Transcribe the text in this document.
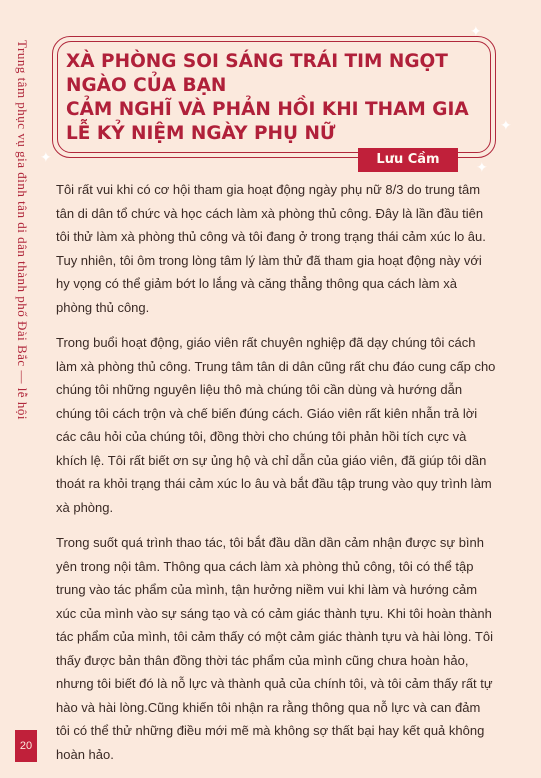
Trung tâm phục vụ gia đình tân di dân thành phố Đài Bắc — lễ hội
20
XÀ PHÒNG SOI SÁNG TRÁI TIM NGỌT
NGÀO CỦA BẠN
CẢM NGHĨ VÀ PHẢN HỒI KHI THAM GIA
LỄ KỶ NIỆM NGÀY PHỤ NỮ
Lưu Cầm
✦
✦
✦
✦

Tôi rất vui khi có cơ hội tham gia hoạt động ngày phụ nữ 8/3 do trung tâm tân di dân tổ chức và học cách làm xà phòng thủ công. Đây là lần đầu tiên tôi thử làm xà phòng thủ công và tôi đang ở trong trạng thái cảm xúc lo âu. Tuy nhiên, tôi ôm trong lòng tâm lý làm thử đã tham gia hoạt động này với hy vọng có thể giảm bớt lo lắng và căng thẳng thông qua cách làm xà phòng thủ công.

Trong buổi hoạt động, giáo viên rất chuyên nghiệp đã dạy chúng tôi cách làm xà phòng thủ công. Trung tâm tân di dân cũng rất chu đáo cung cấp cho chúng tôi những nguyên liệu thô mà chúng tôi cần dùng và hướng dẫn chúng tôi cách trộn và chế biến đúng cách. Giáo viên rất kiên nhẫn trả lời các câu hỏi của chúng tôi, đồng thời cho chúng tôi phản hồi tích cực và khích lệ. Tôi rất biết ơn sự ủng hộ và chỉ dẫn của giáo viên, đã giúp tôi dần thoát ra khỏi trạng thái cảm xúc lo âu và bắt đầu tập trung vào quy trình làm xà phòng.

Trong suốt quá trình thao tác, tôi bắt đầu dần dần cảm nhận được sự bình yên trong nội tâm. Thông qua cách làm xà phòng thủ công, tôi có thể tập trung vào tác phẩm của mình, tận hưởng niềm vui khi làm và hướng cảm xúc của mình vào sự sáng tạo và có cảm giác thành tựu. Khi tôi hoàn thành tác phẩm của mình, tôi cảm thấy có một cảm giác thành tựu và hài lòng. Tôi thấy được bản thân đồng thời tác phẩm của mình cũng chưa hoàn hảo, nhưng tôi biết đó là nỗ lực và thành quả của chính tôi, và tôi cảm thấy rất tự hào và hài lòng.Cũng khiến tôi nhận ra rằng thông qua nỗ lực và can đảm tôi có thể thử những điều mới mẽ mà không sợ thất bại hay kết quả không hoàn hảo.
